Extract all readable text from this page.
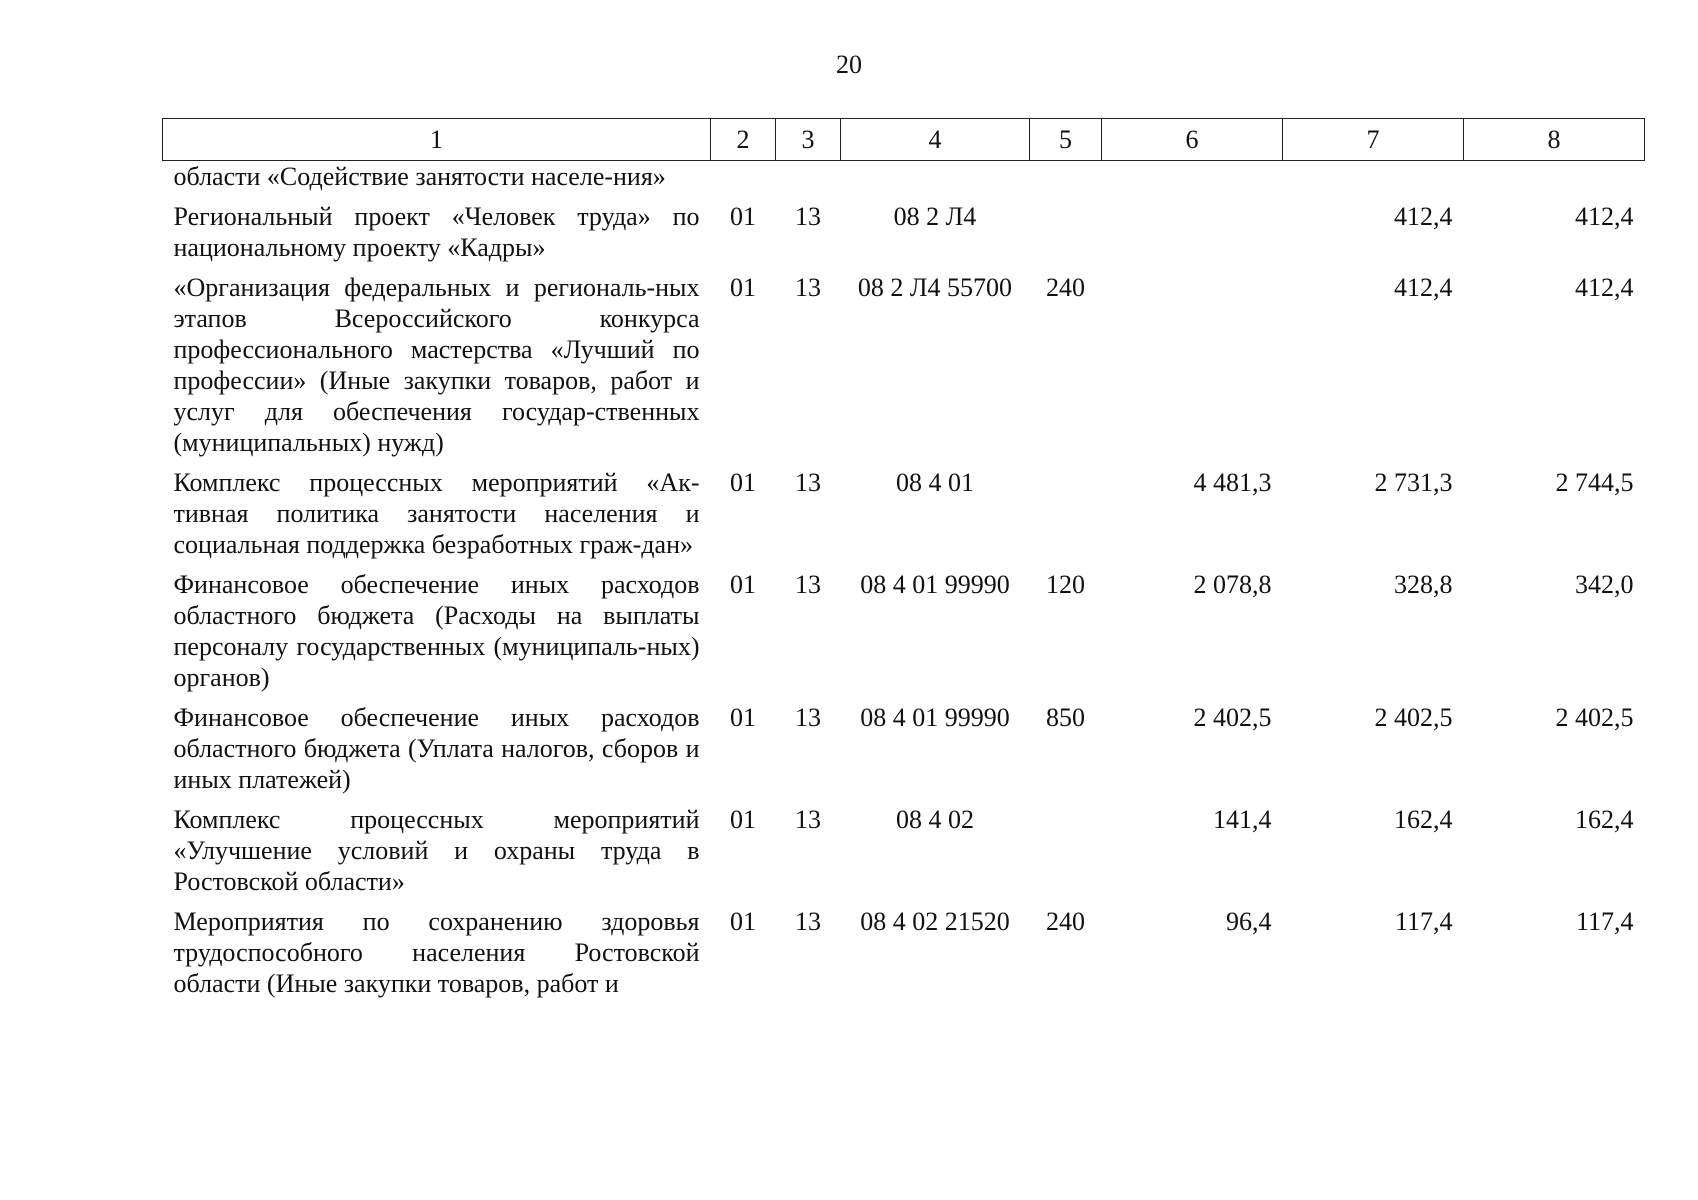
20
1	2	3	4	5	6	7	8
области «Содействие занятости населе-ния»							
Региональный проект «Человек труда» по национальному проекту «Кадры»	01	13	08 2 Л4			412,4	412,4
«Организация федеральных и региональ-ных этапов Всероссийского конкурса профессионального мастерства «Лучший по профессии» (Иные закупки товаров, работ и услуг для обеспечения государ-ственных (муниципальных) нужд)	01	13	08 2 Л4 55700	240		412,4	412,4
Комплекс процессных мероприятий «Ак-тивная политика занятости населения и социальная поддержка безработных граж-дан»	01	13	08 4 01		4 481,3	2 731,3	2 744,5
Финансовое обеспечение иных расходов областного бюджета (Расходы на выплаты персоналу государственных (муниципаль-ных) органов)	01	13	08 4 01 99990	120	2 078,8	328,8	342,0
Финансовое обеспечение иных расходов областного бюджета (Уплата налогов, сборов и иных платежей)	01	13	08 4 01 99990	850	2 402,5	2 402,5	2 402,5
Комплекс процессных мероприятий «Улучшение условий и охраны труда в Ростовской области»	01	13	08 4 02		141,4	162,4	162,4
Мероприятия по сохранению здоровья трудоспособного населения Ростовской области (Иные закупки товаров, работ и	01	13	08 4 02 21520	240	96,4	117,4	117,4
